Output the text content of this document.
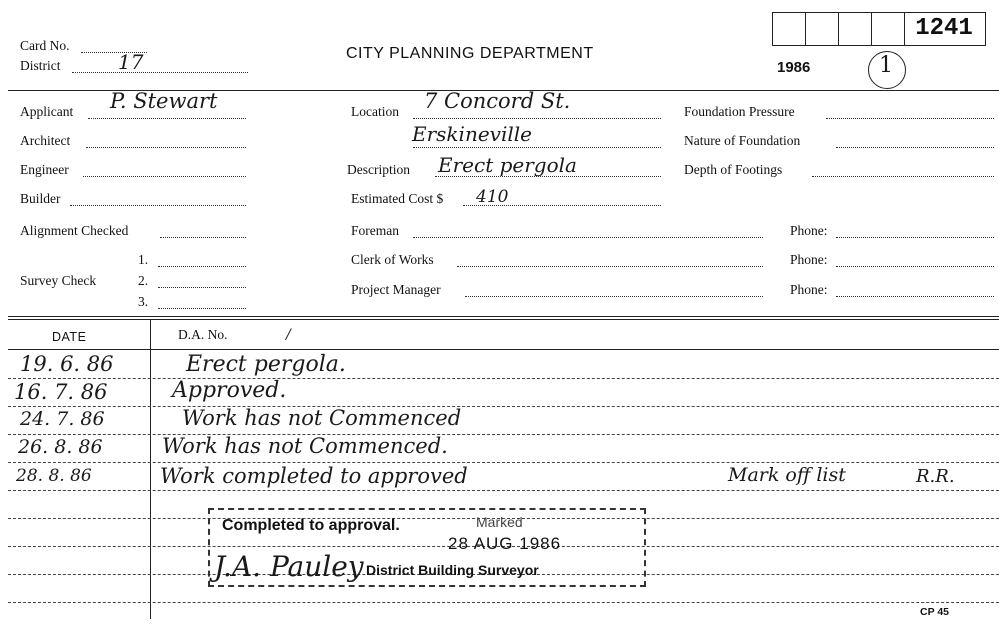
Card No.
District	17	CITY PLANNING DEPARTMENT
1986	1
1241
Applicant P. Stewart
Architect
Engineer
Builder
Alignment Checked
Survey Check
1.
2.
3.
Location 7 Concord St.
Erskineville
Description Erect pergola
Estimated Cost $ 410
Foreman
Clerk of Works
Project Manager
Foundation Pressure
Nature of Foundation
Depth of Footings
Phone:
Phone:
Phone:
DATE	D.A. No.	/
19. 6. 86	Erect pergola.
16. 7. 86	Approved.
24. 7. 86	Work has not Commenced
26. 8. 86	Work has not Commenced.
28. 8. 86	Work completed to approved	Mark off list	R.R.
Completed to approval.	Marked
28 AUG 1986
J.A. Pauley District Building Surveyor
CP 45
